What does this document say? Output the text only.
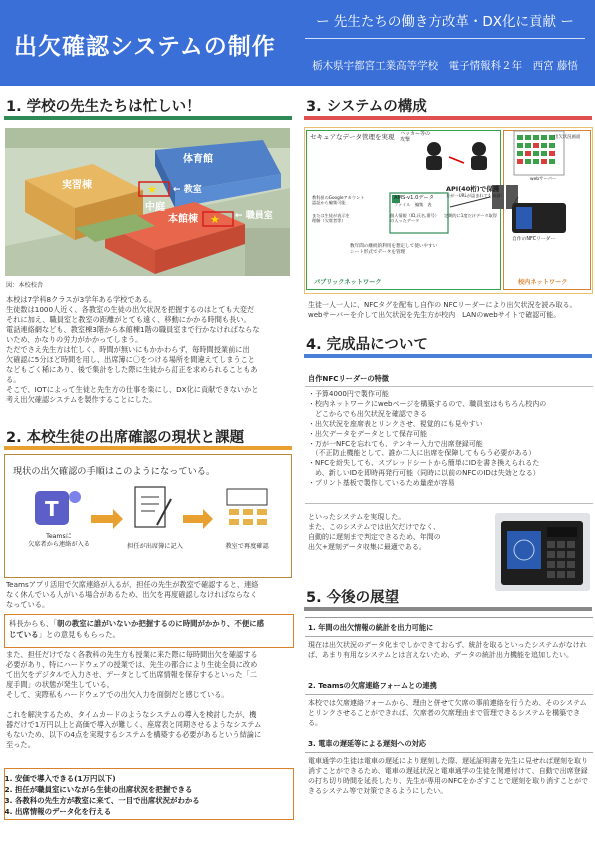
出欠確認システムの制作
ー 先生たちの働き方改革・DX化に貢献 ー
栃木県宇都宮工業高等学校　電子情報科２年　西宮 藤悟
1. 学校の先生たちは忙しい！
★
★
体育館
実習棟
中庭
本館棟
← 教室
← 職員室
図：本校校舎

本校は7学科8クラスが3学年ある学校である。

生徒数は1000人近く、各教室の生徒の出欠状況を把握するのはとても大変だ

それに加え、職員室と教室の距離がとても遠く、移動にかかる時間も長い。

電話連絡網なども、教室棟3階から本館棟1階の職員室まで行かなければならな

いため、かなりの労力がかかってしまう。

ただでさえ先生方は忙しく、時間が無いにもかかわらず、毎時間授業前に出

欠確認に5分ほど時間を用し、出席簿に〇をつける場所を間違えてしまうこと

などもごく稀にあり、後で集計をした際に生徒から訂正を求められることもあ

る。

そこで、IOTによって生徒と先生方の仕事を楽にし、DX化に貢献できないかと

考え出欠確認システムを製作することにした。

2. 本校生徒の出席確認の現状と課題
現状の出欠確認の手順はこのようになっている。
T
Teamsに
欠席者から連絡が入る	担任が出席簿に記入	教室で再度確認

Teamsアプリ活用で欠席連絡が入るが、担任の先生が教室で確認すると、連絡

なく休んでいる人がいる場合があるため、出欠を再度確認しなければならなく

なっている。

科長からも、「朝の教室に誰がいないか把握するのに時間がかかり、不便に感
じている」との意見ももらった。

また、担任だけでなく各教科の先生方も授業に来た際に毎時間出欠を確認する

必要があり、特にハードウェアの授業では、先生の都合により生徒全員に改め

て出欠をデジタルで入力させ、データとして出席情報を保存するといった「二

度手間」の状態が発生している。

そして、実際私もハードウェアでの出欠入力を面倒だと感じている。

これを解決するため、タイムカードのようなシステムの導入を検討したが、機

器だけで1万円以上と高価で導入が難しく、座席表と同期させるようなシステム

もないため、以下の4点を実現するシステムを構築する必要があるという結論に

至った。

1. 安価で導入できる(1万円以下)
2. 担任が職員室にいながら生徒の出席状況を把握できる
3. 各教科の先生方が教室に来て、一目で出席状況がわかる
4. 出席情報のデータ化を行える
3. システムの構成
セキュアなデータ管理を実現 ハッカー等の
攻撃
API(40桁)で保護
万が一URLが盗まれても知識！
出欠状況画面
webサーバー
AMS-v1.0データ
ファイル　編集　表
教科担のGoogleアカウント
認証から編集可能
または生徒が表示を
理解（欠席者等）
個人情報（ID,氏名,番号）
の入ったデータ
定期的に1度だけデータ取得
自作のNFCリーダー
数年間の継続的利用を想定して使いやすい
シート形式でデータを管理
パブリックネットワーク	校内ネットワーク
生徒一人一人に、NFCタグを配布し自作の NFCリーダーにより出欠状況を読み取る。webサーバーを介して出欠状況を先生方が校内　LANのwebサイトで確認可能。
4. 完成品について
自作NFCリーダーの特徴
・予算4000円で製作可能
・校内ネットワークにwebページを構築するので、職員室はもちろん校内の
　どこからでも出欠状況を確認できる
・出欠状況を座席表とリンクさせ、視覚的にも見やすい
・出欠データをデータとして保存可能
・万が一NFCを忘れても、テンキー入力で出席登録可能
　（不正防止機能として、誰か二人に出席を保障してもらう必要がある）
・NFCを紛失しても、スプレッドシートから簡単にIDを書き換えられるた
　め、新しいIDを即時再発行可能（同時に以前のNFCのIDは失効となる）
・プリント基板で製作しているため量産が容易

といったシステムを実現した。

また、このシステムでは出欠だけでなく、

自動的に遅刻まで判定できるため、年間の

出欠+遅刻データ収集に最適である。

5. 今後の展望
1. 年間の出欠情報の統計を出力可能に
現在は出欠状況のデータ化までしかできておらず、統計を取るといったシステムがなければ、あまり有用なシステムとは言えないため、データの統計出力機能を追加したい。
2. Teamsの欠席連絡フォームとの連携
本校では欠席連絡フォームから、理由と併せて欠席の事前連絡を行うため、そのシステムとリンクさせることができれば、欠席者の欠席理由まで管理できるシステムを構築できる。
3. 電車の遅延等による遅刻への対応
電車通学の生徒は電車の遅延により遅刻した際、遅延証明書を先生に見せれば遅刻を取り消すことができるため、電車の遅延状況と電車通学の生徒を関連付けて、自動で出席登録の打ち切り時間を延長したり、先生が専用のNFCをかざすことで遅刻を取り消すことができるシステム等で対策できるようにしたい。
